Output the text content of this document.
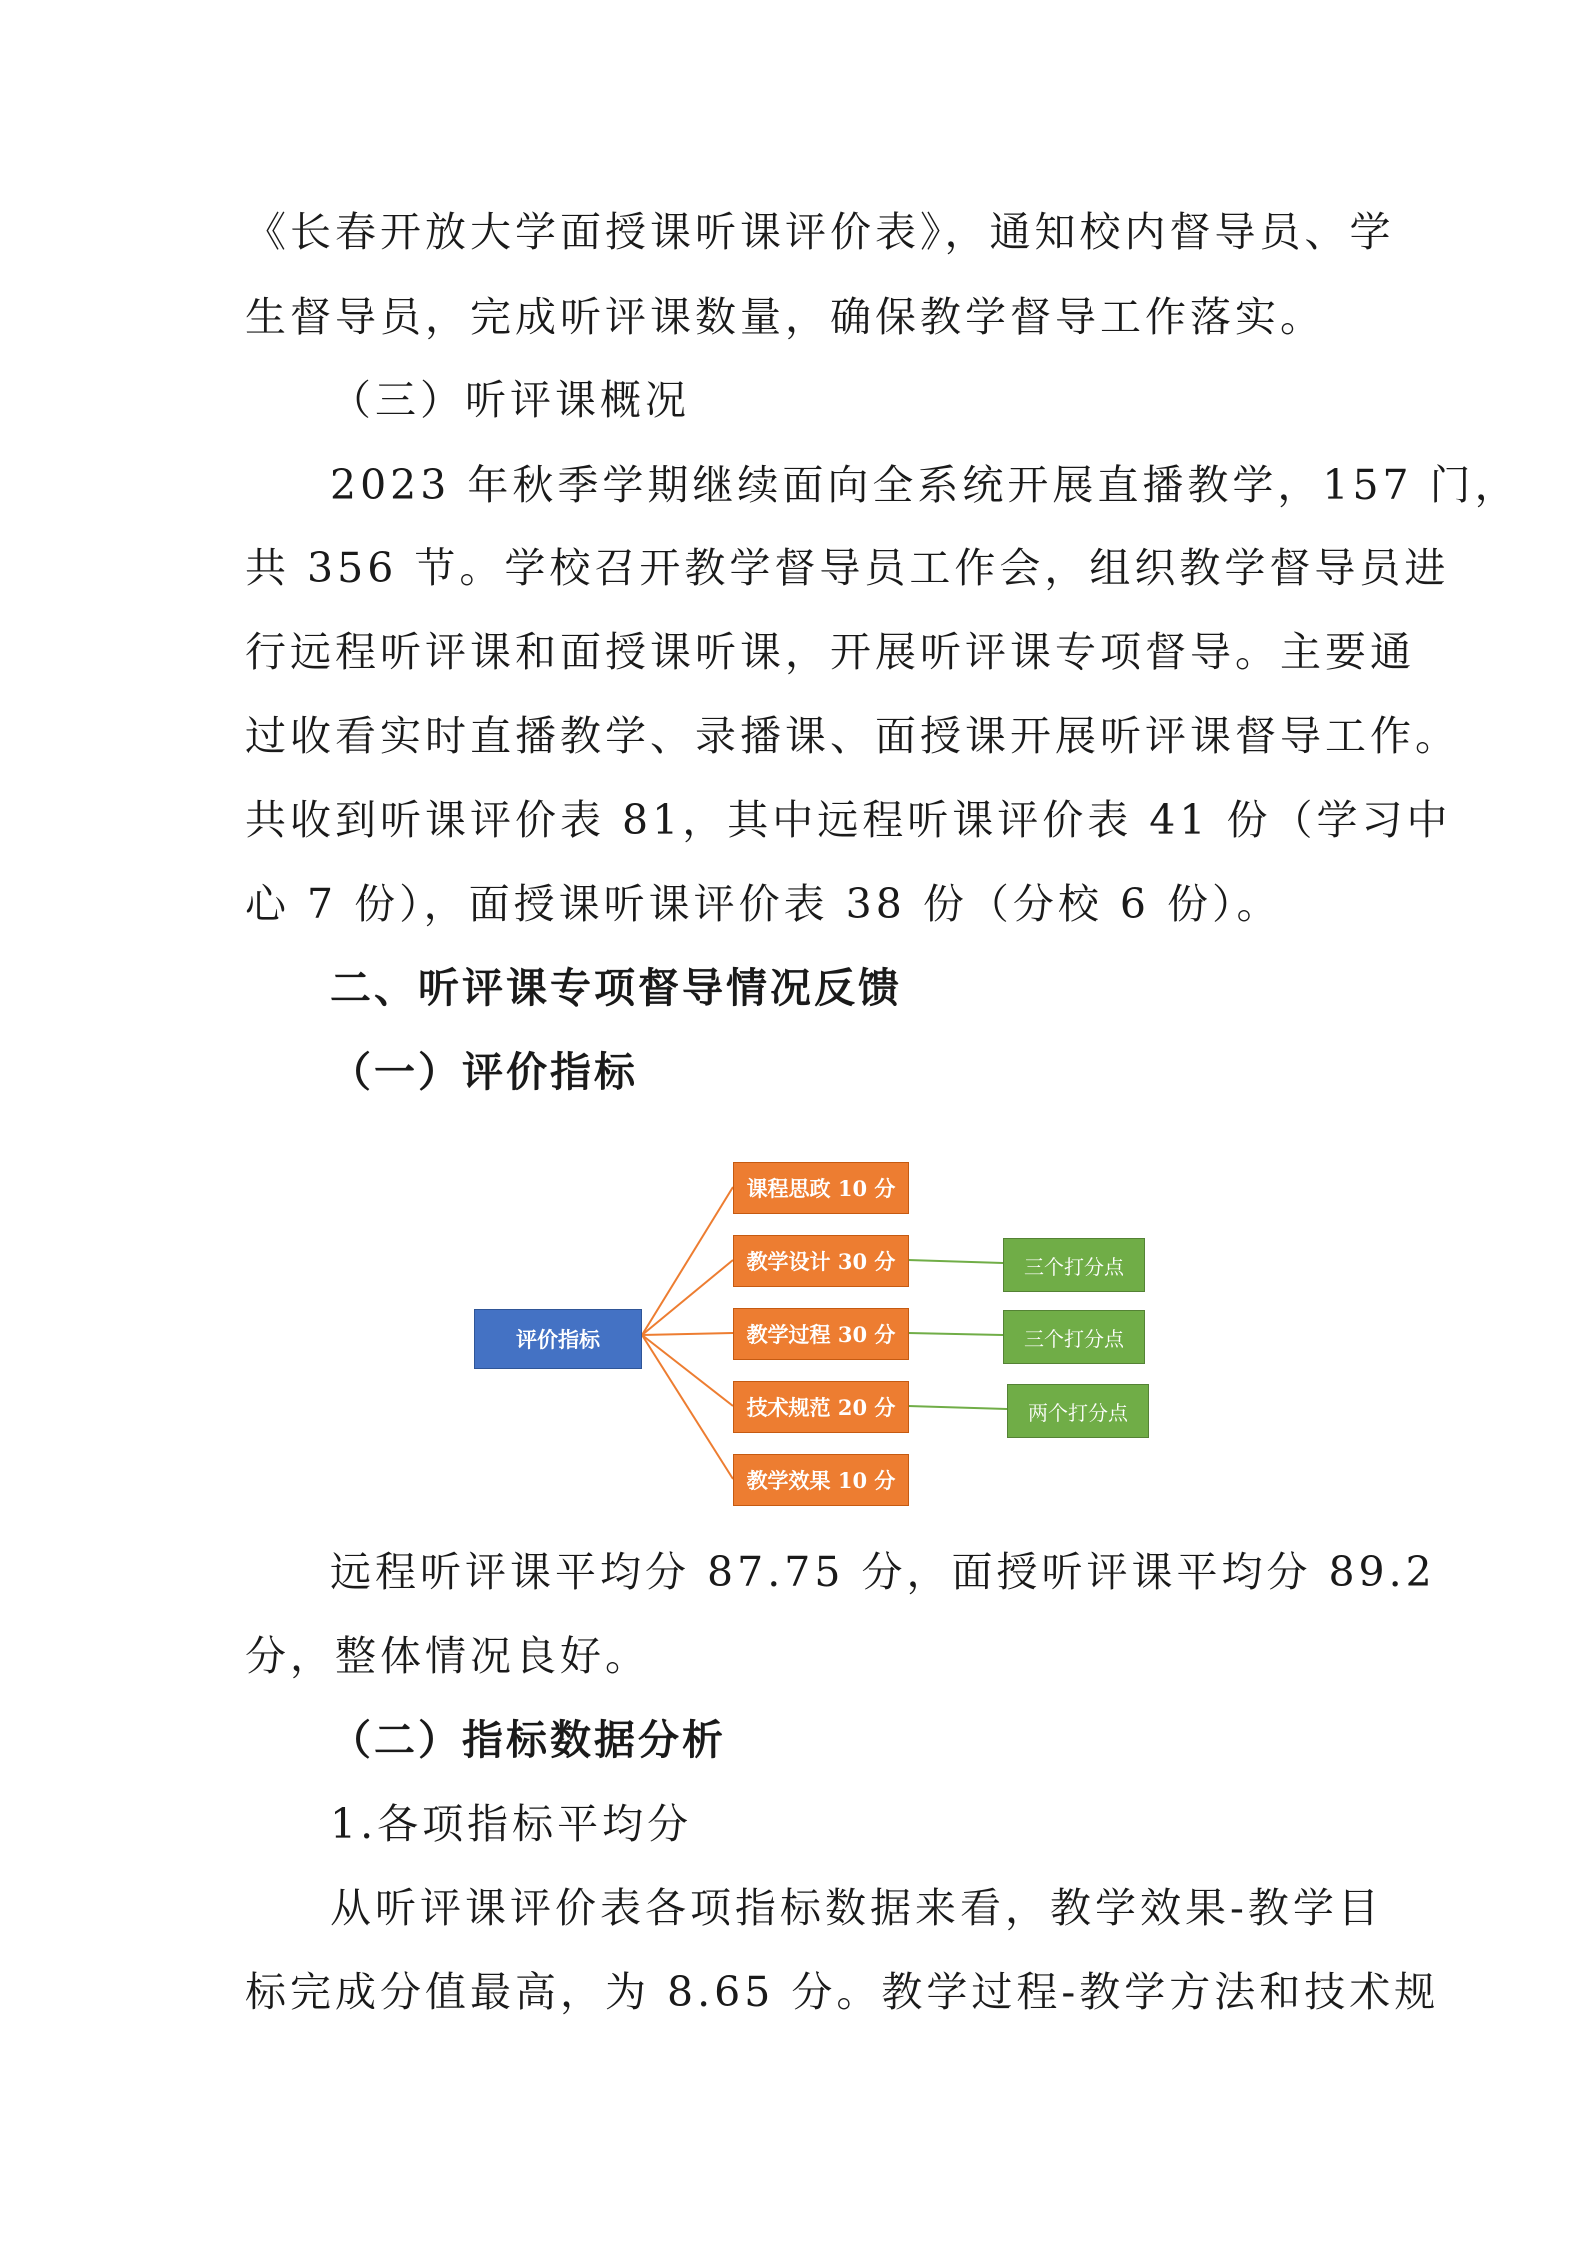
《长春开放大学面授课听课评价表》，通知校内督导员、学
生督导员，完成听评课数量，确保教学督导工作落实。
（三）听评课概况
2023 年秋季学期继续面向全系统开展直播教学，157 门，
共 356 节。学校召开教学督导员工作会，组织教学督导员进
行远程听评课和面授课听课，开展听评课专项督导。主要通
过收看实时直播教学、录播课、面授课开展听评课督导工作。
共收到听课评价表 81，其中远程听课评价表 41 份（学习中
心 7 份），面授课听课评价表 38 份（分校 6 份）。
二、听评课专项督导情况反馈
（一）评价指标
评价指标
课程思政 10 分
教学设计 30 分
教学过程 30 分
技术规范 20 分
教学效果 10 分
三个打分点
三个打分点
两个打分点
远程听评课平均分 87.75 分，面授听评课平均分 89.2
分，整体情况良好。
（二）指标数据分析
1.各项指标平均分
从听评课评价表各项指标数据来看，教学效果-教学目
标完成分值最高，为 8.65 分。教学过程-教学方法和技术规
